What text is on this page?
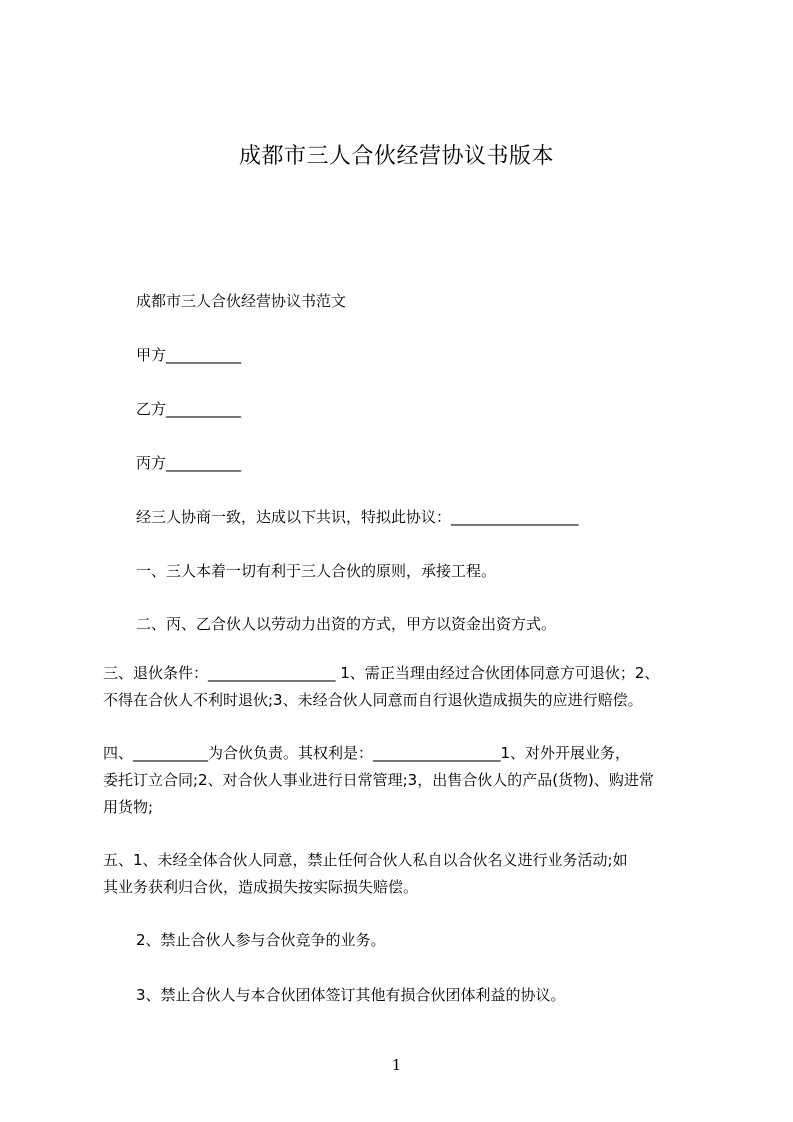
成都市三人合伙经营协议书版本
成都市三人合伙经营协议书范文
甲方__________
乙方__________
丙方__________
经三人协商一致，达成以下共识，特拟此协议：_________________
一、三人本着一切有利于三人合伙的原则，承接工程。
二、丙、乙合伙人以劳动力出资的方式，甲方以资金出资方式。
三、退伙条件：_________________ 1、需正当理由经过合伙团体同意方可退伙；2、
不得在合伙人不利时退伙;3、未经合伙人同意而自行退伙造成损失的应进行赔偿。
四、__________为合伙负责。其权利是：_________________1、对外开展业务，
委托订立合同;2、对合伙人事业进行日常管理;3，出售合伙人的产品(货物)、购进常
用货物;
五、1、未经全体合伙人同意，禁止任何合伙人私自以合伙名义进行业务活动;如
其业务获利归合伙，造成损失按实际损失赔偿。
2、禁止合伙人参与合伙竞争的业务。
3、禁止合伙人与本合伙团体签订其他有损合伙团体利益的协议。
1
